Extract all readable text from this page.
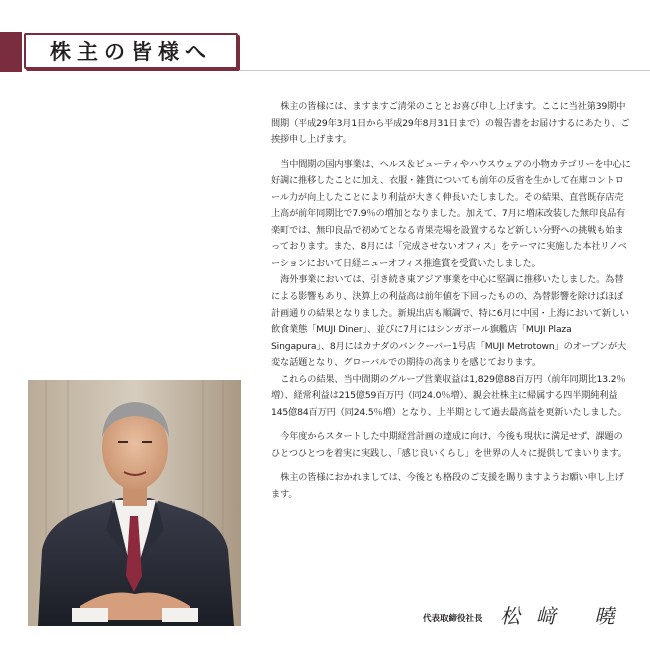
株主の皆様へ

株主の皆様には、ますますご清栄のこととお喜び申し上げます。ここに当社第39期中間期（平成29年3月1日から平成29年8月31日まで）の報告書をお届けするにあたり、ご挨拶申し上げます。

当中間期の国内事業は、ヘルス＆ビューティやハウスウェアの小物カテゴリーを中心に好調に推移したことに加え、衣服・雑貨についても前年の反省を生かして在庫コントロール力が向上したことにより利益が大きく伸長いたしました。その結果、直営既存店売上高が前年同期比で7.9％の増加となりました。加えて、7月に増床改装した無印良品有楽町では、無印良品で初めてとなる青果売場を設置するなど新しい分野への挑戦も始まっております。また、8月には「完成させないオフィス」をテーマに実施した本社リノベーションにおいて日経ニューオフィス推進賞を受賞いたしました。

海外事業においては、引き続き東アジア事業を中心に堅調に推移いたしました。為替による影響もあり、決算上の利益高は前年値を下回ったものの、為替影響を除けばほぼ計画通りの結果となりました。新規出店も順調で、特に6月に中国・上海において新しい飲食業態「MUJI Diner」、並びに7月にはシンガポール旗艦店「MUJI Plaza Singapura」、8月にはカナダのバンクーバー1号店「MUJI Metrotown」のオープンが大変な話題となり、グローバルでの期待の高まりを感じております。

これらの結果、当中間期のグループ営業収益は1,829億88百万円（前年同期比13.2％増）、経常利益は215億59百万円（同24.0％増）、親会社株主に帰属する四半期純利益145億84百万円（同24.5％増）となり、上半期として過去最高益を更新いたしました。

今年度からスタートした中期経営計画の達成に向け、今後も現状に満足せず、課題のひとつひとつを着実に実践し、「感じ良いくらし」を世界の人々に提供してまいります。

株主の皆様におかれましては、今後とも格段のご支援を賜りますようお願い申し上げます。

代表取締役社長 松﨑 曉
